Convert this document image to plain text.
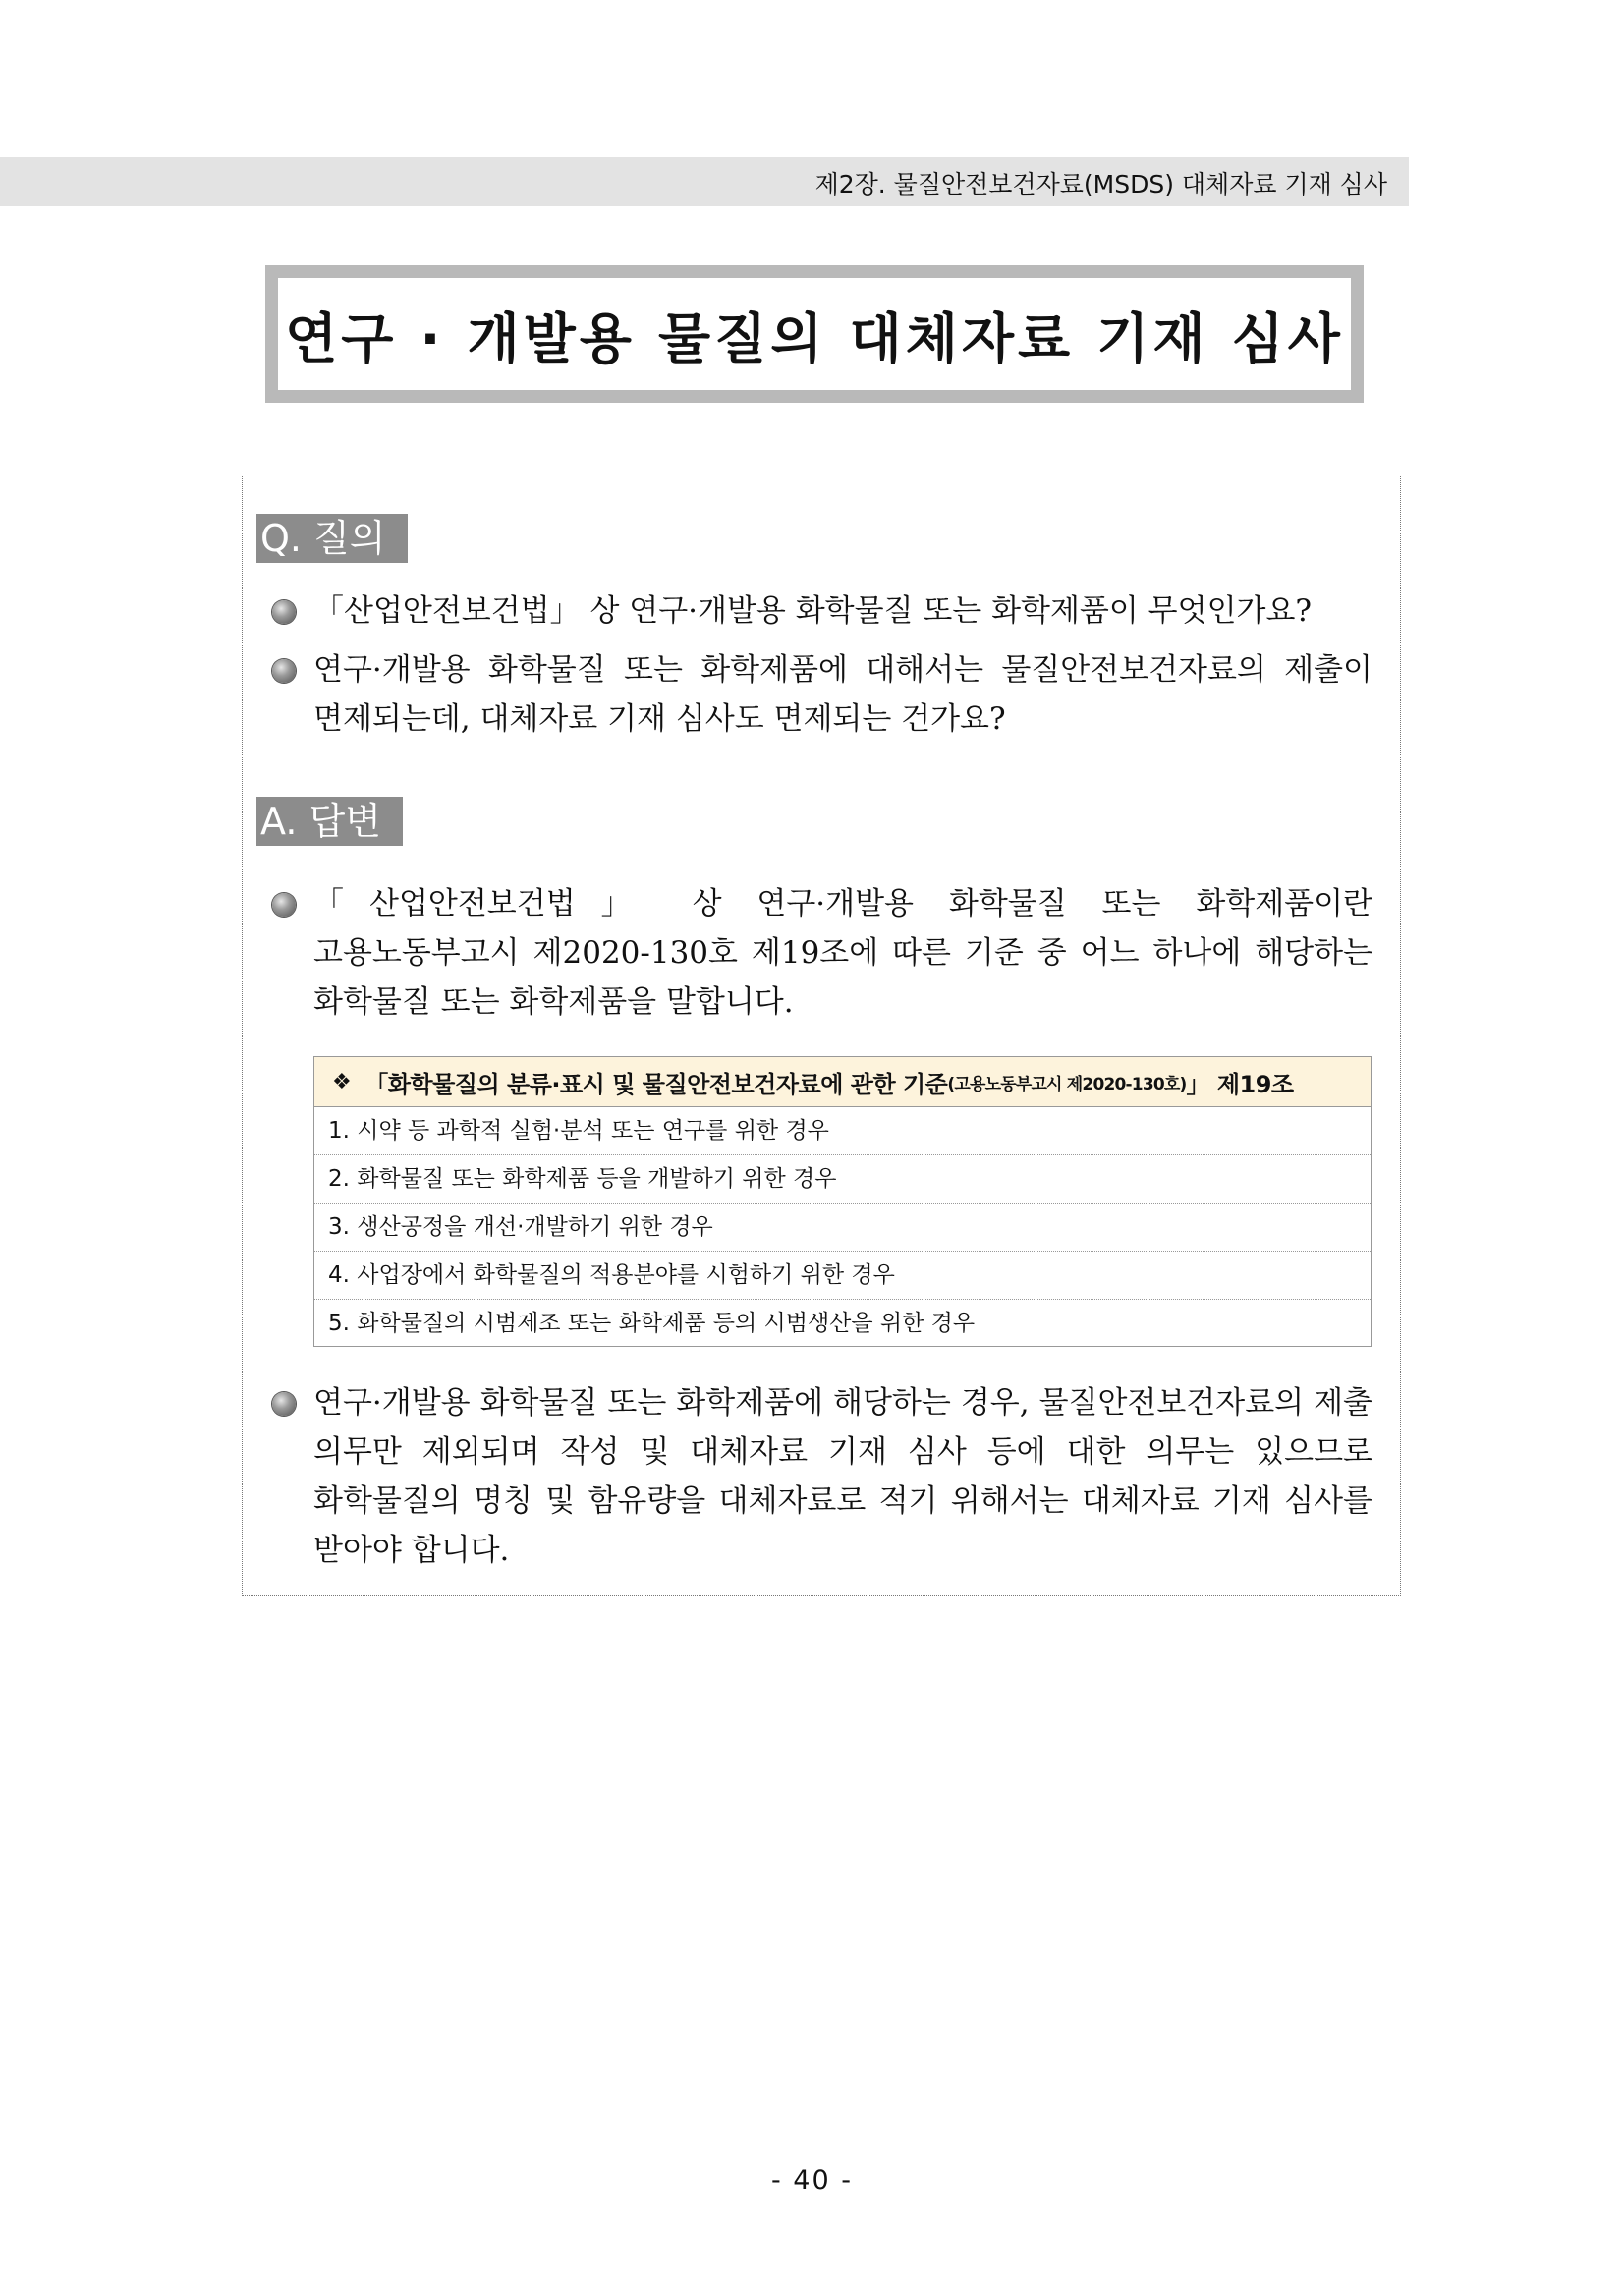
제2장. 물질안전보건자료(MSDS) 대체자료 기재 심사
연구 · 개발용 물질의 대체자료 기재 심사
Q. 질의
「산업안전보건법」 상 연구·개발용 화학물질 또는 화학제품이 무엇인가요?
연구·개발용 화학물질 또는 화학제품에 대해서는 물질안전보건자료의 제출이 면제되는데, 대체자료 기재 심사도 면제되는 건가요?
A. 답변
「산업안전보건법」 상 연구·개발용 화학물질 또는 화학제품이란 고용노동부고시 제2020-130호 제19조에 따른 기준 중 어느 하나에 해당하는 화학물질 또는 화학제품을 말합니다.
❖ 「화학물질의 분류·표시 및 물질안전보건자료에 관한 기준 (고용노동부고시 제2020-130호) 」 제19조
1. 시약 등 과학적 실험·분석 또는 연구를 위한 경우
2. 화학물질 또는 화학제품 등을 개발하기 위한 경우
3. 생산공정을 개선·개발하기 위한 경우
4. 사업장에서 화학물질의 적용분야를 시험하기 위한 경우
5. 화학물질의 시범제조 또는 화학제품 등의 시범생산을 위한 경우
연구·개발용 화학물질 또는 화학제품에 해당하는 경우, 물질안전보건자료의 제출 의무만 제외되며 작성 및 대체자료 기재 심사 등에 대한 의무는 있으므로 화학물질의 명칭 및 함유량을 대체자료로 적기 위해서는 대체자료 기재 심사를 받아야 합니다.
- 40 -
